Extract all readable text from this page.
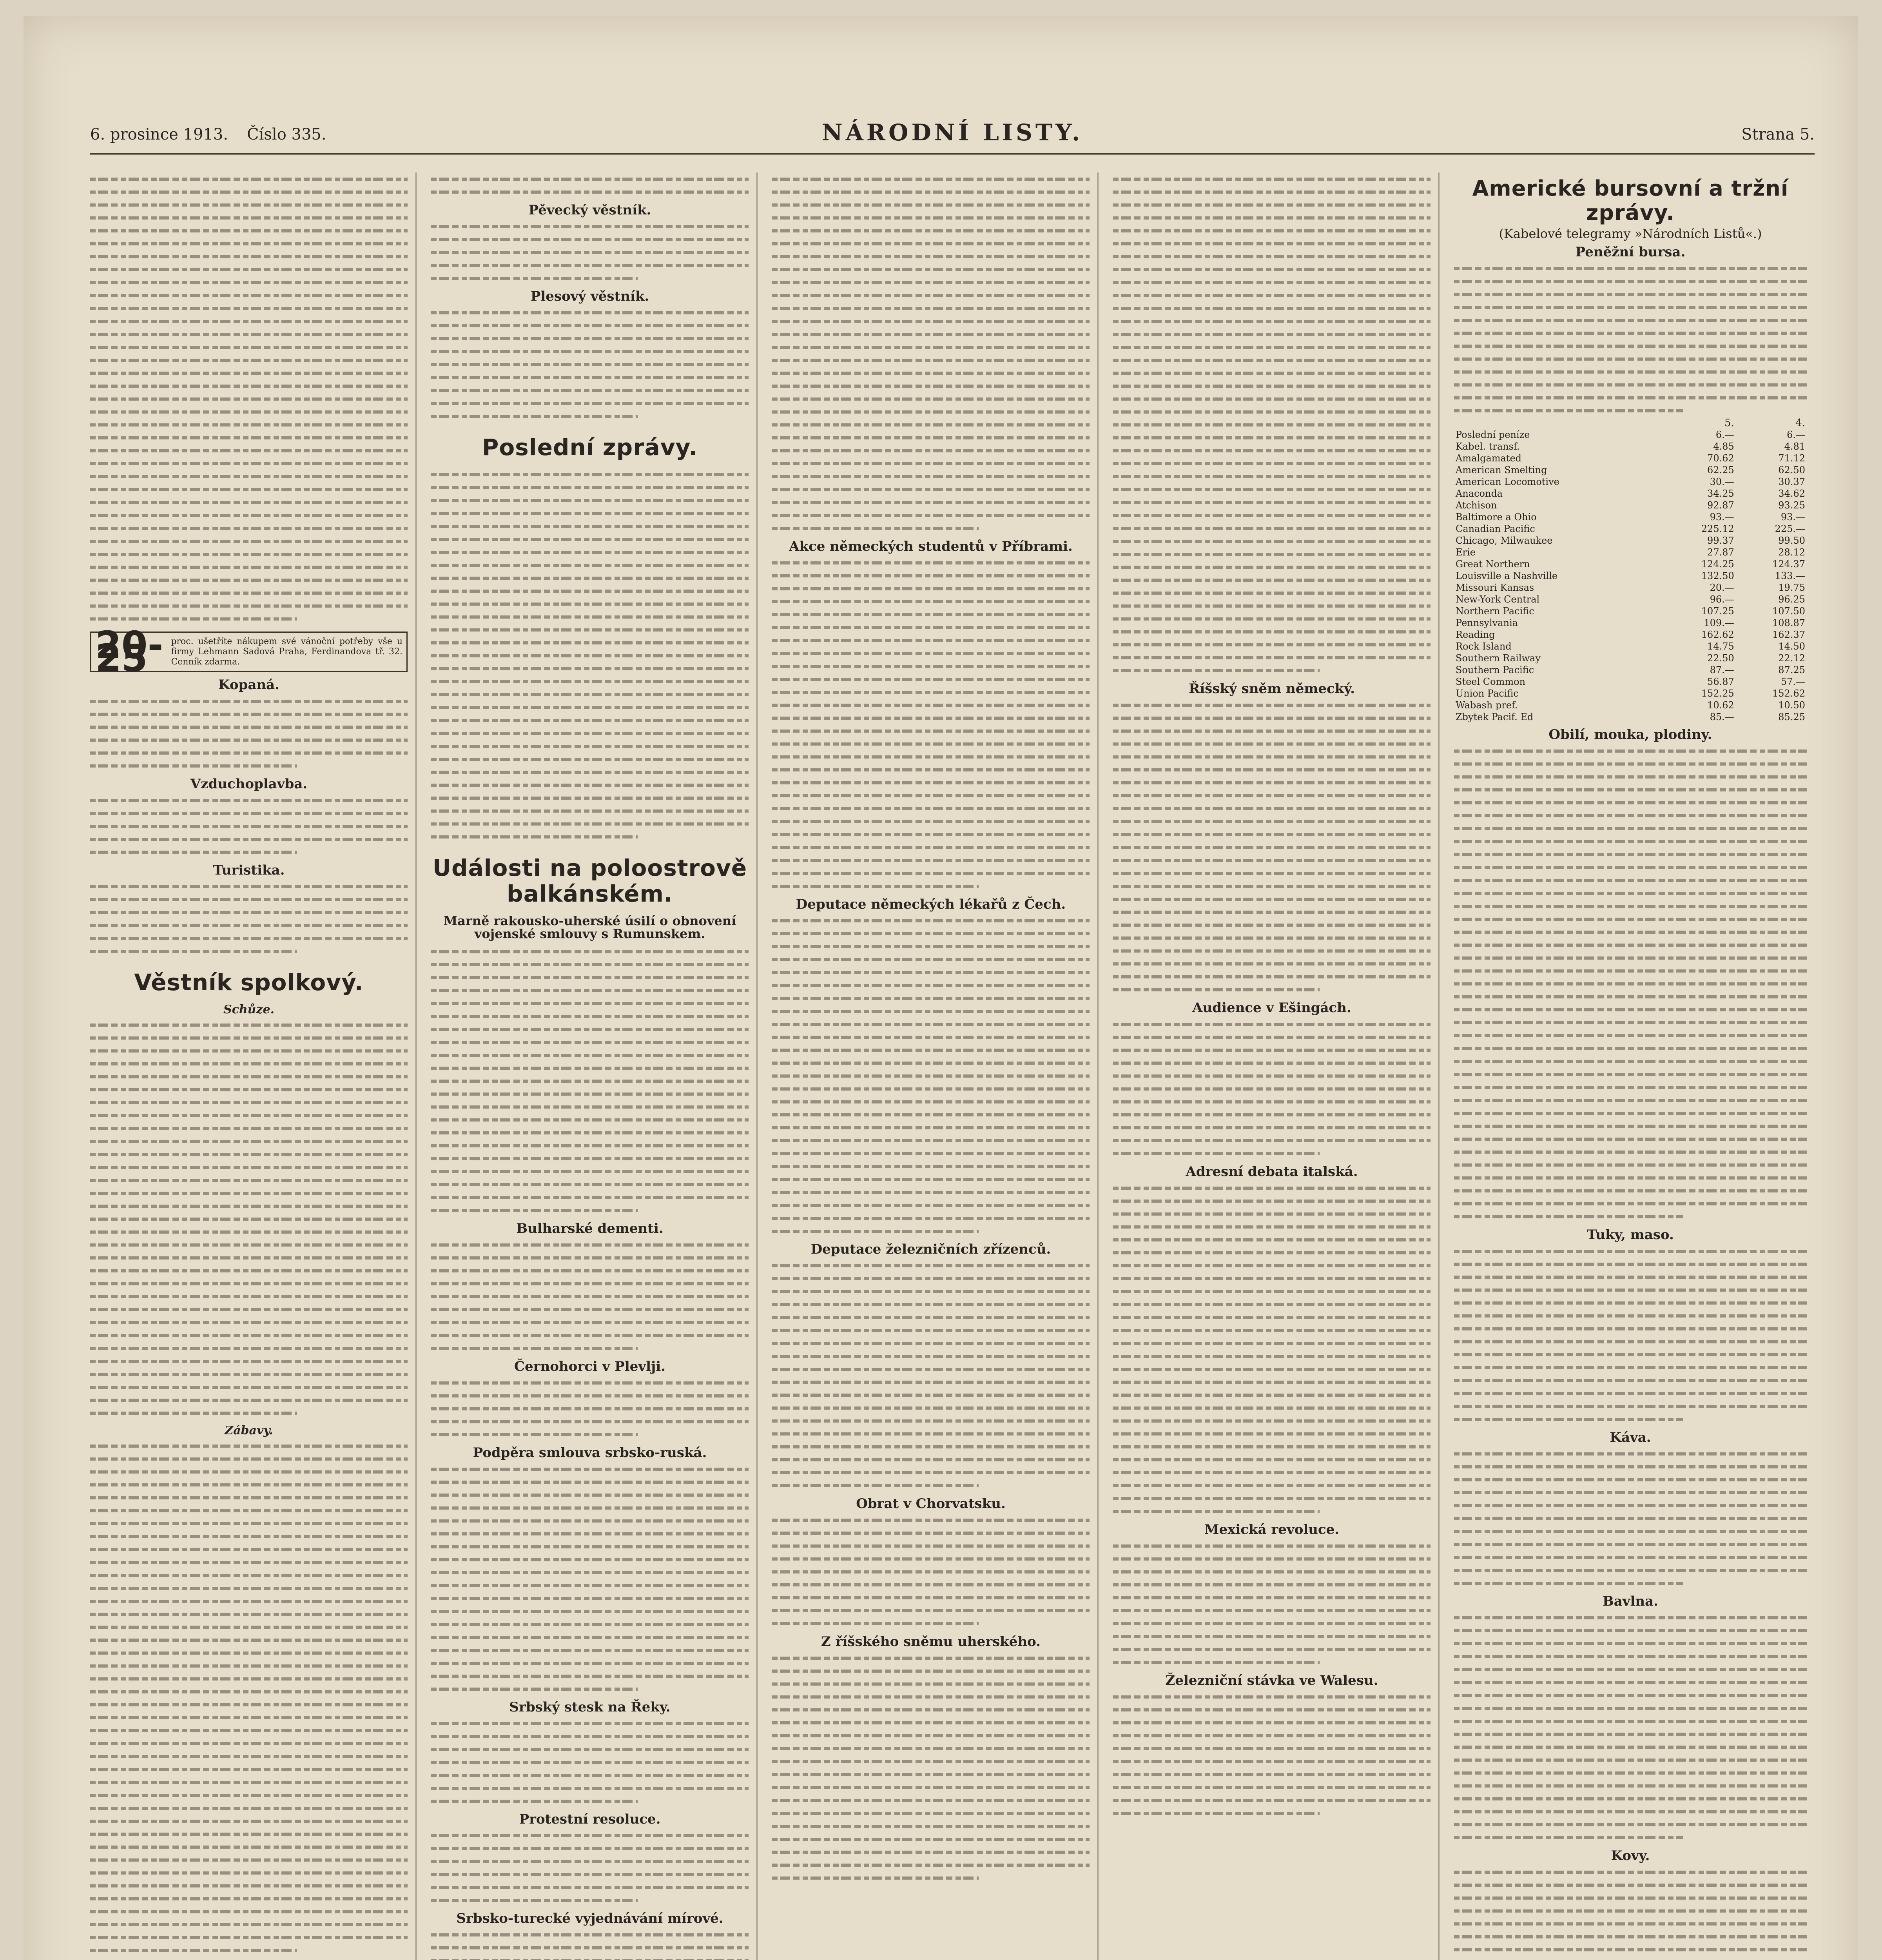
6. prosince 1913. Číslo 335.	NÁRODNÍ LISTY.	Strana 5.
20-25	proc. ušetříte nákupem své vánoční potřeby vše u firmy Lehmann Sadová Praha, Ferdinandova tř. 32. Cenník zdarma.
Kopaná.
Vzduchoplavba.
Turistika.
Věstník spolkový.
Schůze.
Zábavy.
Pěvecký věstník.
Plesový věstník.
Poslední zprávy.
Události na poloostrově balkánském.
Marně rakousko-uherské úsilí o obnovení vojenské smlouvy s Rumunskem.
Bulharské dementi.
Černohorci v Plevlji.
Podpěra smlouva srbsko-ruská.
Srbský stesk na Řeky.
Protestní resoluce.
Srbsko-turecké vyjednávání mírové.
Akce německých studentů v Příbrami.
Deputace německých lékařů z Čech.
Deputace železničních zřízenců.
Obrat v Chorvatsku.
Z říšského sněmu uherského.
Říšský sněm německý.
Audience v Ešingách.
Adresní debata italská.
Mexická revoluce.
Železniční stávka ve Walesu.
Americké bursovní a tržní zprávy.
(Kabelové telegramy »Národních Listů«.)
Peněžní bursa.
	5.	4.
Poslední peníze	6.—	6.—
Kabel. transf.	4.85	4.81
Amalgamated	70.62	71.12
American Smelting	62.25	62.50
American Locomotive	30.—	30.37
Anaconda	34.25	34.62
Atchison	92.87	93.25
Baltimore a Ohio	93.—	93.—
Canadian Pacific	225.12	225.—
Chicago, Milwaukee	99.37	99.50
Erie	27.87	28.12
Great Northern	124.25	124.37
Louisville a Nashville	132.50	133.—
Missouri Kansas	20.—	19.75
New-York Central	96.—	96.25
Northern Pacific	107.25	107.50
Pennsylvania	109.—	108.87
Reading	162.62	162.37
Rock Island	14.75	14.50
Southern Railway	22.50	22.12
Southern Pacific	87.—	87.25
Steel Common	56.87	57.—
Union Pacific	152.25	152.62
Wabash pref.	10.62	10.50
Zbytek Pacif. Ed	85.—	85.25
Obilí, mouka, plodiny.
Tuky, maso.
Káva.
Bavlna.
Kovy.
